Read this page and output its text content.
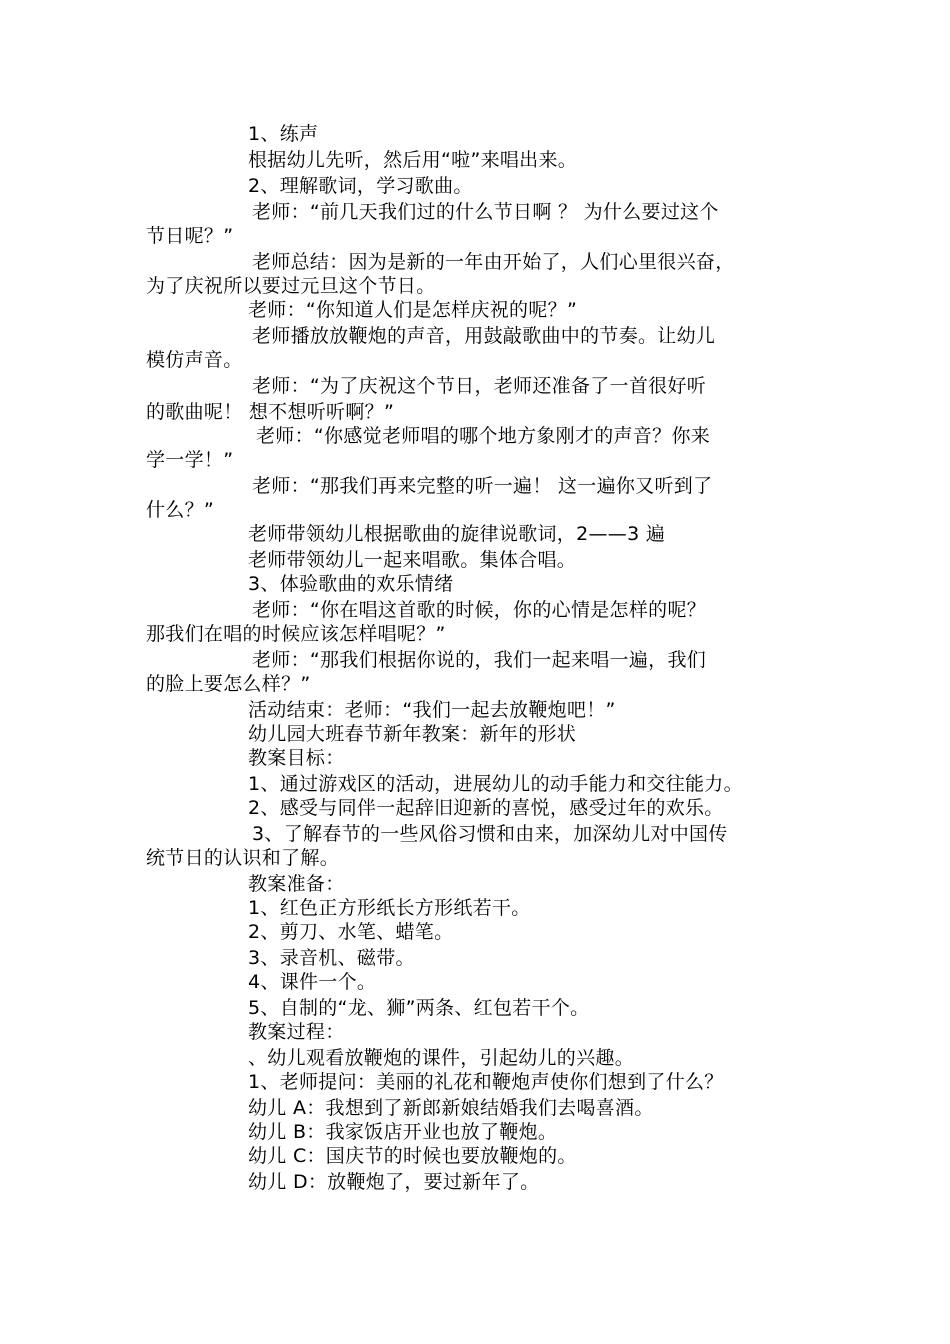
1、练声
根据幼儿先听，然后用“啦”来唱出来。
2、理解歌词，学习歌曲。
老师：“前几天我们过的什么节日啊 ？ 为什么要过这个
节日呢？”
老师总结：因为是新的一年由开始了，人们心里很兴奋，
为了庆祝所以要过元旦这个节日。
老师：“你知道人们是怎样庆祝的呢？”
老师播放放鞭炮的声音，用鼓敲歌曲中的节奏。让幼儿
模仿声音。
老师：“为了庆祝这个节日，老师还准备了一首很好听
的歌曲呢！ 想不想听听啊？”
老师：“你感觉老师唱的哪个地方象刚才的声音？你来
学一学！”
老师：“那我们再来完整的听一遍！ 这一遍你又听到了
什么？”
老师带领幼儿根据歌曲的旋律说歌词，2——3 遍
老师带领幼儿一起来唱歌。集体合唱。
3、体验歌曲的欢乐情绪
老师：“你在唱这首歌的时候，你的心情是怎样的呢？
那我们在唱的时候应该怎样唱呢？”
老师：“那我们根据你说的，我们一起来唱一遍，我们
的脸上要怎么样？”
活动结束：老师：“我们一起去放鞭炮吧！”
幼儿园大班春节新年教案：新年的形状
教案目标：
1、通过游戏区的活动，进展幼儿的动手能力和交往能力。
2、感受与同伴一起辞旧迎新的喜悦，感受过年的欢乐。
3、了解春节的一些风俗习惯和由来，加深幼儿对中国传
统节日的认识和了解。
教案准备：
1、红色正方形纸长方形纸若干。
2、剪刀、水笔、蜡笔。
3、录音机、磁带。
4、课件一个。
5、自制的“龙、狮”两条、红包若干个。
教案过程：
、幼儿观看放鞭炮的课件，引起幼儿的兴趣。
1、老师提问：美丽的礼花和鞭炮声使你们想到了什么？
幼儿 A：我想到了新郎新娘结婚我们去喝喜酒。
幼儿 B：我家饭店开业也放了鞭炮。
幼儿 C：国庆节的时候也要放鞭炮的。
幼儿 D：放鞭炮了，要过新年了。
